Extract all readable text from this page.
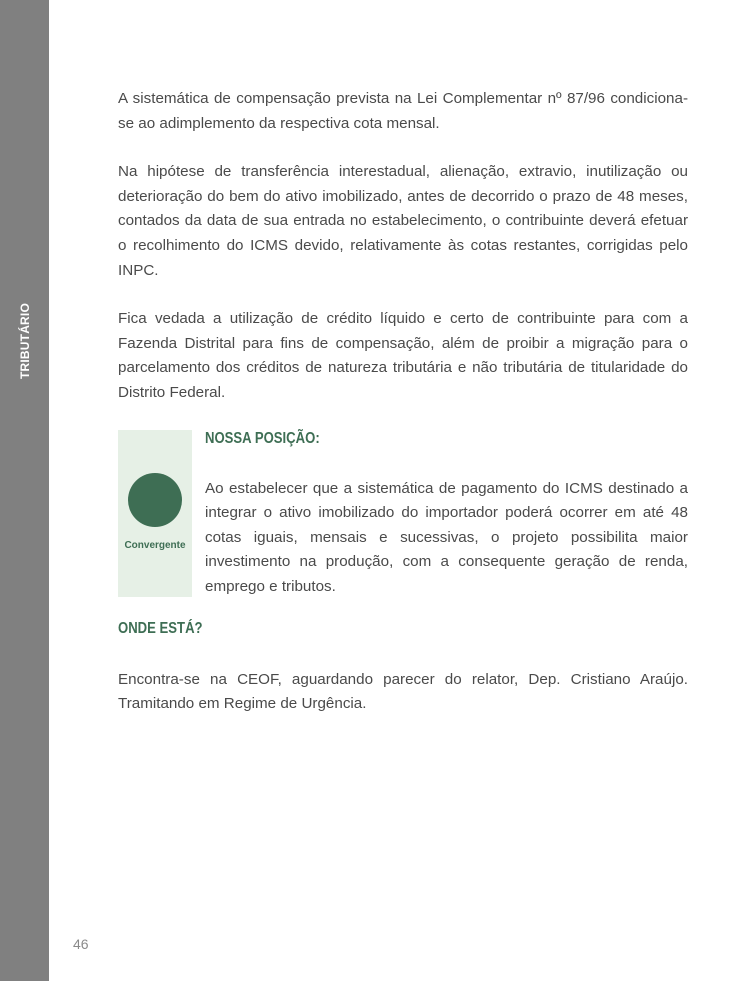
TRIBUTÁRIO

A sistemática de compensação prevista na Lei Complementar nº 87/96 condiciona-se ao adimplemento da respectiva cota mensal.

Na hipótese de transferência interestadual, alienação, extravio, inutilização ou deterioração do bem do ativo imobilizado, antes de decorrido o prazo de 48 meses, contados da data de sua entrada no estabelecimento, o contribuinte deverá efetuar o recolhimento do ICMS devido, relativamente às cotas restantes, corrigidas pelo INPC.

Fica vedada a utilização de crédito líquido e certo de contribuinte para com a Fazenda Distrital para fins de compensação, além de proibir a migração para o parcelamento dos créditos de natureza tributária e não tributária de titularidade do Distrito Federal.

Convergente
NOSSA POSIÇÃO:
Ao estabelecer que a sistemática de pagamento do ICMS destinado a integrar o ativo imobilizado do importador poderá ocorrer em até 48 cotas iguais, mensais e sucessivas, o projeto possibilita maior investimento na produção, com a consequente geração de renda, emprego e tributos.
ONDE ESTÁ?

Encontra-se na CEOF, aguardando parecer do relator, Dep. Cristiano Araújo. Tramitando em Regime de Urgência.

46
